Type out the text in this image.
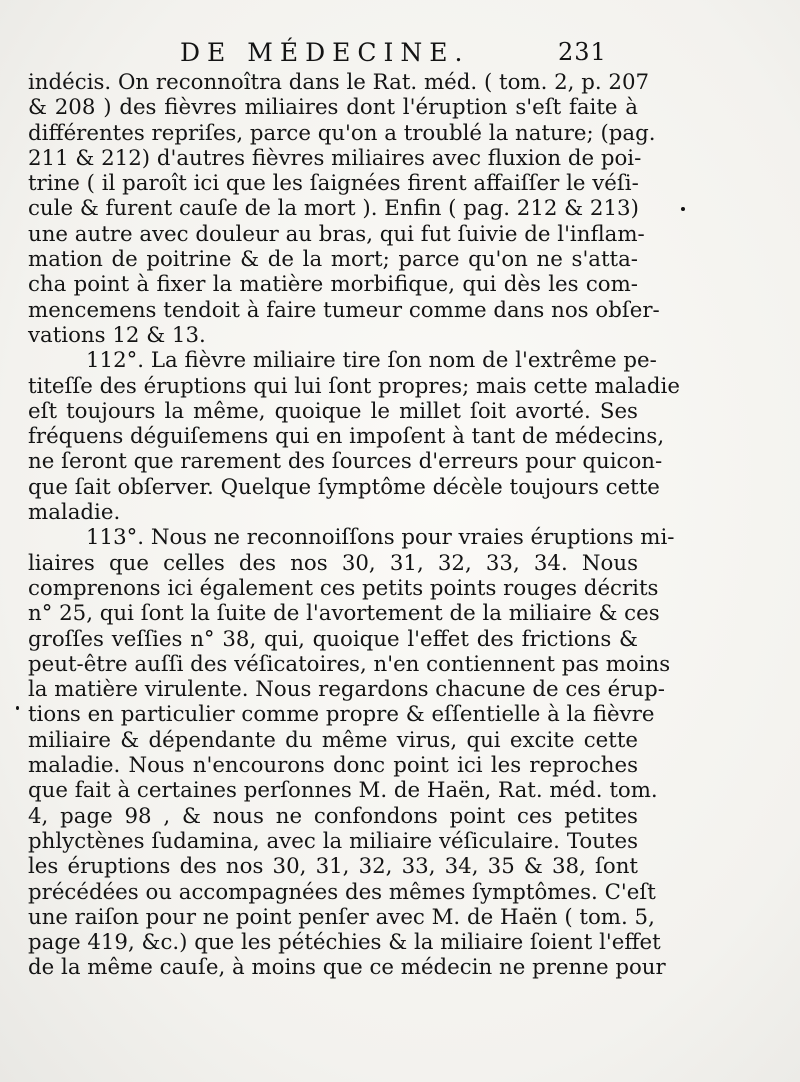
DE MÉDECINE.	231
indécis. On reconnoîtra dans le Rat. méd. ( tom. 2, p. 207
& 208 ) des fièvres miliaires dont l'éruption s'eſt faite à
différentes repriſes, parce qu'on a troublé la nature; (pag.
211 & 212) d'autres fièvres miliaires avec fluxion de poi-
trine ( il paroît ici que les ſaignées firent affaiſſer le véſi-
cule & furent cauſe de la mort ). Enfin ( pag. 212 & 213)
une autre avec douleur au bras, qui fut ſuivie de l'inflam-
mation de poitrine & de la mort; parce qu'on ne s'atta-
cha point à fixer la matière morbifique, qui dès les com-
mencemens tendoit à faire tumeur comme dans nos obſer-
vations 12 & 13.
112°. La fièvre miliaire tire ſon nom de l'extrême pe-
titeſſe des éruptions qui lui ſont propres; mais cette maladie
eſt toujours la même, quoique le millet ſoit avorté. Ses
fréquens déguiſemens qui en impoſent à tant de médecins,
ne ſeront que rarement des ſources d'erreurs pour quicon-
que ſait obſerver. Quelque ſymptôme décèle toujours cette
maladie.
113°. Nous ne reconnoiſſons pour vraies éruptions mi-
liaires que celles des nos 30, 31, 32, 33, 34. Nous
comprenons ici également ces petits points rouges décrits
n° 25, qui ſont la ſuite de l'avortement de la miliaire & ces
groſſes veſſies n° 38, qui, quoique l'effet des frictions &
peut-être auſſi des véſicatoires, n'en contiennent pas moins
la matière virulente. Nous regardons chacune de ces érup-
tions en particulier comme propre & eſſentielle à la fièvre
miliaire & dépendante du même virus, qui excite cette
maladie. Nous n'encourons donc point ici les reproches
que fait à certaines perſonnes M. de Haën, Rat. méd. tom.
4, page 98 , & nous ne confondons point ces petites
phlyctènes ſudamina, avec la miliaire véſiculaire. Toutes
les éruptions des nos 30, 31, 32, 33, 34, 35 & 38, ſont
précédées ou accompagnées des mêmes ſymptômes. C'eſt
une raiſon pour ne point penſer avec M. de Haën ( tom. 5,
page 419, &c.) que les pétéchies & la miliaire ſoient l'effet
de la même cauſe, à moins que ce médecin ne prenne pour
